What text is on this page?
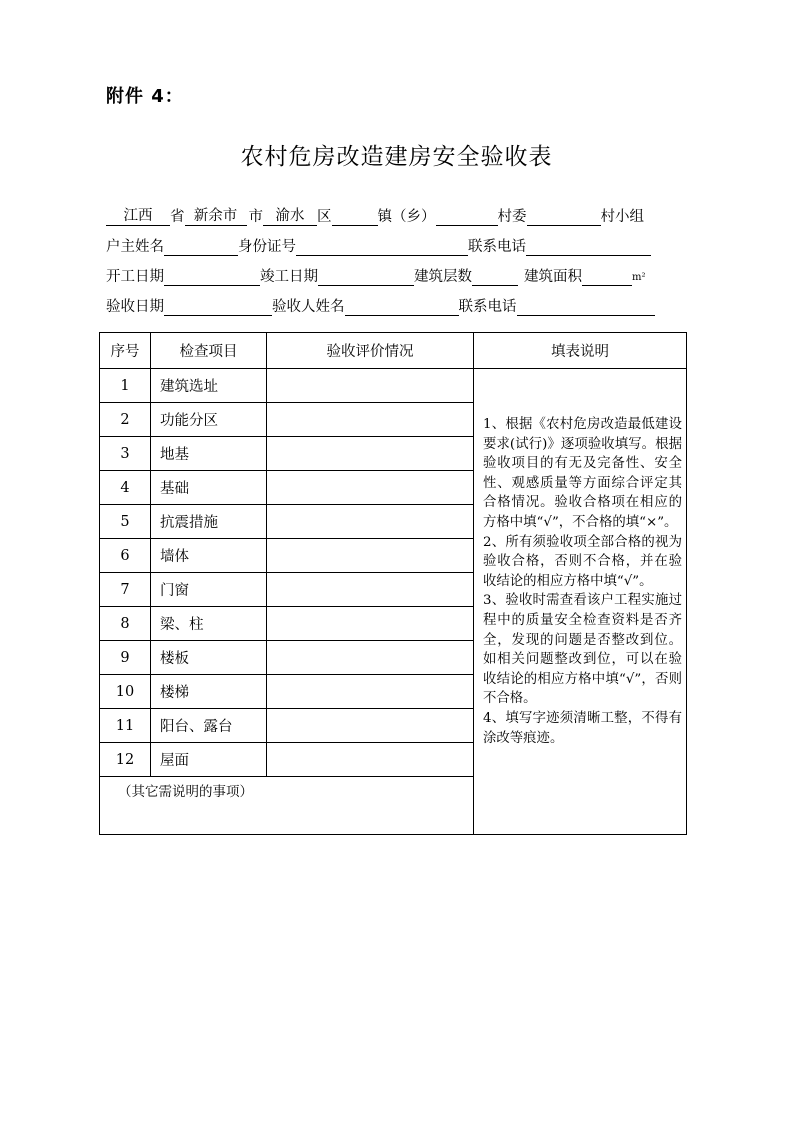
附件 4：
农村危房改造建房安全验收表
江西	省 新余市 市 渝水 区	镇（乡）	村委	村小组
户主姓名	身份证号	联系电话
开工日期	竣工日期	建筑层数	建筑面积	m²
验收日期	验收人姓名	联系电话
序号	检查项目	验收评价情况	填表说明
1	建筑选址		1、根据《农村危房改造最低建设要求(试行)》逐项验收填写。根据验收项目的有无及完备性、安全性、观感质量等方面综合评定其合格情况。验收合格项在相应的方格中填“√”，不合格的填“×”。
2、所有须验收项全部合格的视为验收合格，否则不合格，并在验收结论的相应方格中填“√”。
3、验收时需查看该户工程实施过程中的质量安全检查资料是否齐全，发现的问题是否整改到位。如相关问题整改到位，可以在验收结论的相应方格中填“√”，否则不合格。
4、填写字迹须清晰工整，不得有涂改等痕迹。

2	功能分区		
3	地基		
4	基础		
5	抗震措施		
6	墙体		
7	门窗		
8	梁、柱		
9	楼板		
10	楼梯		
11	阳台、露台		
12	屋面		
（其它需说明的事项）			
